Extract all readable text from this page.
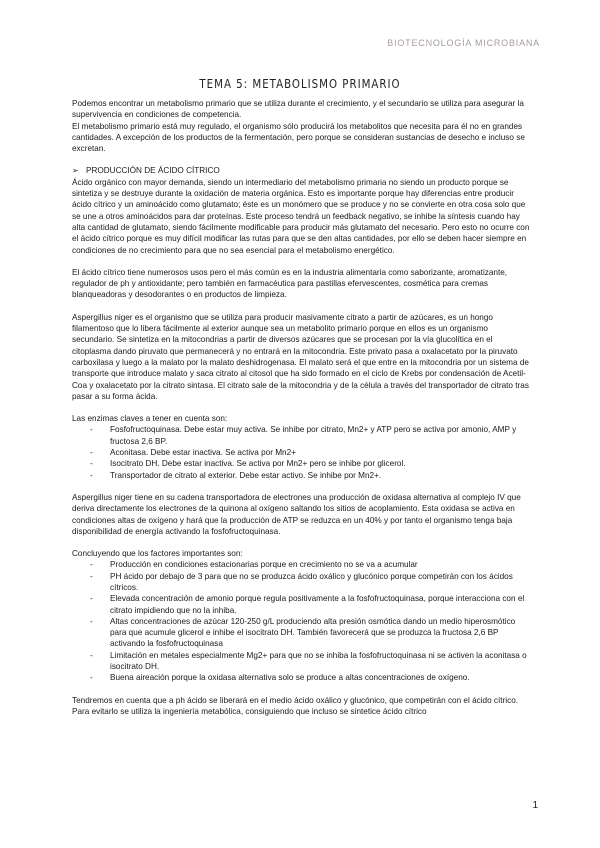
BIOTECNOLOGÍA MICROBIANA
TEMA 5: METABOLISMO PRIMARIO

Podemos encontrar un metabolismo primario que se utiliza durante el crecimiento, y el secundario se utiliza para asegurar la supervivencia en condiciones de competencia.

El metabolismo primario está muy regulado, el organismo sólo producirá los metabolitos que necesita para él no en grandes cantidades. A excepción de los productos de la fermentación, pero porque se consideran sustancias de desecho e incluso se excretan.

➢ PRODUCCIÓN DE ÁCIDO CÍTRICO

Ácido orgánico con mayor demanda, siendo un intermediario del metabolismo primaria no siendo un producto porque se sintetiza y se destruye durante la oxidación de materia orgánica. Esto es importante porque hay diferencias entre producir ácido cítrico y un aminoácido como glutamato; éste es un monómero que se produce y no se convierte en otra cosa solo que se une a otros aminoácidos para dar proteínas. Este proceso tendrá un feedback negativo, se inhibe la síntesis cuando hay alta cantidad de glutamato, siendo fácilmente modificable para producir más glutamato del necesario. Pero esto no ocurre con el ácido cítrico porque es muy difícil modificar las rutas para que se den altas cantidades, por ello se deben hacer siempre en condiciones de no crecimiento para que no sea esencial para el metabolismo energético.

El ácido cítrico tiene numerosos usos pero el más común es en la industria alimentaria como saborizante, aromatizante, regulador de ph y antioxidante; pero también en farmacéutica para pastillas efervescentes, cosmética para cremas blanqueadoras y desodorantes o en productos de limpieza.

Aspergillus niger es el organismo que se utiliza para producir masivamente citrato a partir de azúcares, es un hongo filamentoso que lo libera fácilmente al exterior aunque sea un metabolito primario porque en ellos es un organismo secundario. Se sintetiza en la mitocondrias a partir de diversos azúcares que se procesan por la vía glucolítica en el citoplasma dando piruvato que permanecerá y no entrará en la mitocondria. Este privato pasa a oxalacetato por la piruvato carboxilasa y luego a la malato por la malato deshidrogenasa. El malato será el que entre en la mitocondria por un sistema de transporte que introduce malato y saca citrato al citosol que ha sido formado en el ciclo de Krebs por condensación de Acetil-Coa y oxalacetato por la citrato sintasa. El citrato sale de la mitocondria y de la célula a través del transportador de citrato tras pasar a su forma ácida.

Las enzimas claves a tener en cuenta son:

- Fosfofructoquinasa. Debe estar muy activa. Se inhibe por citrato, Mn2+ y ATP pero se activa por amonio, AMP y fructosa 2,6 BP.
- Aconitasa. Debe estar inactiva. Se activa por Mn2+
- Isocitrato DH. Debe estar inactiva. Se activa por Mn2+ pero se inhibe por glicerol.
- Transportador de citrato al exterior. Debe estar activo. Se inhibe por Mn2+.

Aspergillus niger tiene en su cadena transportadora de electrones una producción de oxidasa alternativa al complejo IV que deriva directamente los electrones de la quinona al oxígeno saltando los sitios de acoplamiento. Esta oxidasa se activa en condiciones altas de oxígeno y hará que la producción de ATP se reduzca en un 40% y por tanto el organismo tenga baja disponibilidad de energía activando la fosfofructoquinasa.

Concluyendo que los factores importantes son:

- Producción en condiciones estacionarias porque en crecimiento no se va a acumular
- PH ácido por debajo de 3 para que no se produzca ácido oxálico y glucónico porque competirán con los ácidos cítricos.
- Elevada concentración de amonio porque regula positivamente a la fosfofructoquinasa, porque interacciona con el citrato impidiendo que no la inhiba.
- Altas concentraciones de azúcar 120-250 g/L produciendo alta presión osmótica dando un medio hiperosmótico para que acumule glicerol e inhibe el isocitrato DH. También favorecerá que se produzca la fructosa 2,6 BP activando la fosfofructoquinasa
- Limitación en metales especialmente Mg2+ para que no se inhiba la fosfofructoquinasa ni se activen la aconitasa o isocitrato DH.
- Buena aireación porque la oxidasa alternativa solo se produce a altas concentraciones de oxígeno.

Tendremos en cuenta que a ph ácido se liberará en el medio ácido oxálico y glucónico, que competirán con el ácido cítrico. Para evitarlo se utiliza la ingeniería metabólica, consiguiendo que incluso se sintetice ácido cítrico

1
